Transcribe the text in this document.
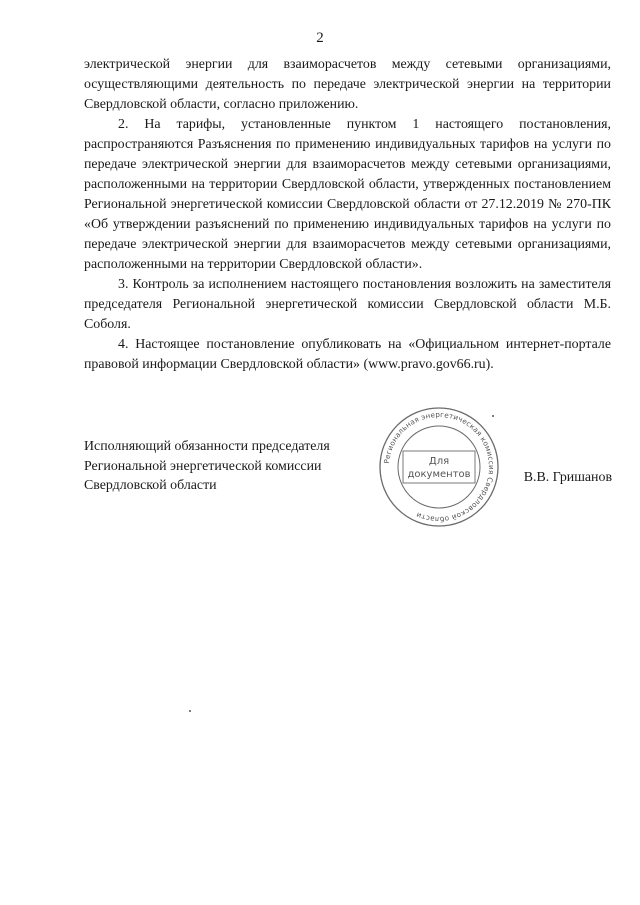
2

электрической энергии для взаиморасчетов между сетевыми организациями, осуществляющими деятельность по передаче электрической энергии на территории Свердловской области, согласно приложению.

2. На тарифы, установленные пунктом 1 настоящего постановления, распространяются Разъяснения по применению индивидуальных тарифов на услуги по передаче электрической энергии для взаиморасчетов между сетевыми организациями, расположенными на территории Свердловской области, утвержденных постановлением Региональной энергетической комиссии Свердловской области от 27.12.2019 № 270-ПК «Об утверждении разъяснений по применению индивидуальных тарифов на услуги по передаче электрической энергии для взаиморасчетов между сетевыми организациями, расположенными на территории Свердловской области».

3. Контроль за исполнением настоящего постановления возложить на заместителя председателя Региональной энергетической комиссии Свердловской области М.Б. Соболя.

4. Настоящее постановление опубликовать на «Официальном интернет-портале правовой информации Свердловской области» (www.pravo.gov66.ru).

Исполняющий обязанности председателя
Региональной энергетической комиссии
Свердловской области
Региональная энергетическая комиссия Свердловской области
Для
документов	В.В. Гришанов
